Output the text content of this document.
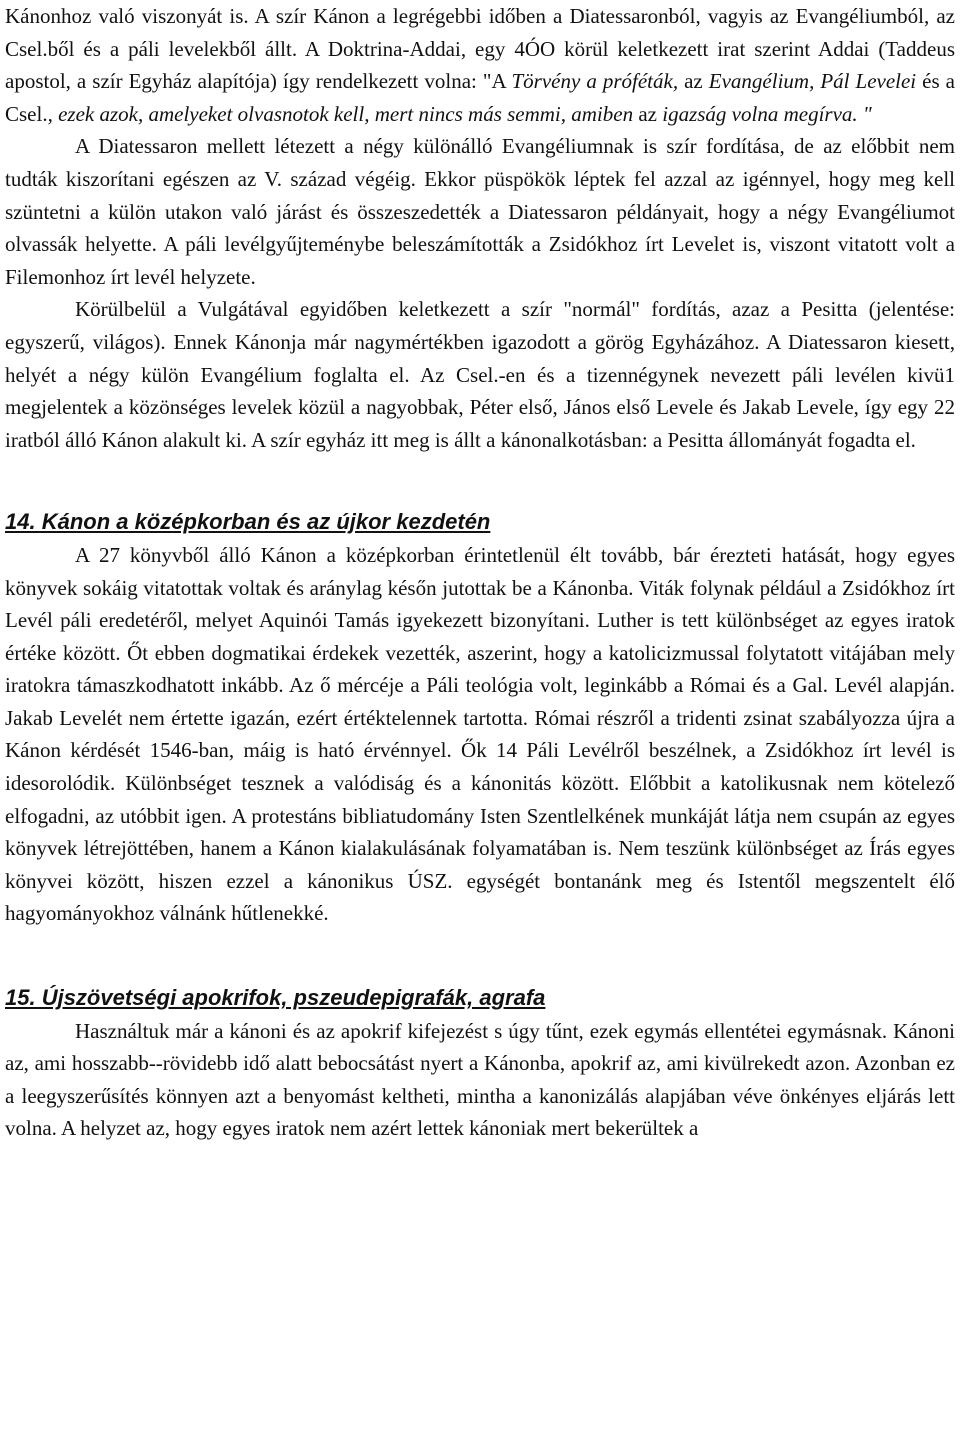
Kánonhoz való viszonyát is. A szír Kánon a legrégebbi időben a Diatessaronból, vagyis az Evangéliumból, az Csel.ből és a páli levelekből állt. A Doktrina-Addai, egy 4ÓO körül keletkezett irat szerint Addai (Taddeus apostol, a szír Egyház alapítója) így rendelkezett volna: "A Törvény a próféták, az Evangélium, Pál Levelei és a Csel., ezek azok, amelyeket olvasnotok kell, mert nincs más semmi, amiben az igazság volna megírva. "

A Diatessaron mellett létezett a négy különálló Evangéliumnak is szír fordítása, de az előbbit nem tudták kiszorítani egészen az V. század végéig. Ekkor püspökök léptek fel azzal az igénnyel, hogy meg kell szüntetni a külön utakon való járást és összeszedették a Diatessaron példányait, hogy a négy Evangéliumot olvassák helyette. A páli levélgyűjteménybe beleszámították a Zsidókhoz írt Levelet is, viszont vitatott volt a Filemonhoz írt levél helyzete.

Körülbelül a Vulgátával egyidőben keletkezett a szír "normál" fordítás, azaz a Pesitta (jelentése: egyszerű, világos). Ennek Kánonja már nagymértékben igazodott a görög Egyházához. A Diatessaron kiesett, helyét a négy külön Evangélium foglalta el. Az Csel.-en és a tizennégynek nevezett páli levélen kivü1 megjelentek a közönséges levelek közül a nagyobbak, Péter első, János első Levele és Jakab Levele, így egy 22 iratból álló Kánon alakult ki. A szír egyház itt meg is állt a kánonalkotásban: a Pesitta állományát fogadta el.

14. Kánon a középkorban és az újkor kezdetén

A 27 könyvből álló Kánon a középkorban érintetlenül élt tovább, bár érezteti hatását, hogy egyes könyvek sokáig vitatottak voltak és aránylag későn jutottak be a Kánonba. Viták folynak például a Zsidókhoz írt Levél páli eredetéről, melyet Aquinói Tamás igyekezett bizonyítani. Luther is tett különbséget az egyes iratok értéke között. Őt ebben dogmatikai érdekek vezették, aszerint, hogy a katolicizmussal folytatott vitájában mely iratokra támaszkodhatott inkább. Az ő mércéje a Páli teológia volt, leginkább a Római és a Gal. Levél alapján. Jakab Levelét nem értette igazán, ezért értéktelennek tartotta. Római részről a tridenti zsinat szabályozza újra a Kánon kérdését 1546-ban, máig is ható érvénnyel. Ők 14 Páli Levélről beszélnek, a Zsidókhoz írt levél is idesorolódik. Különbséget tesznek a valódiság és a kánonitás között. Előbbit a katolikusnak nem kötelező elfogadni, az utóbbit igen. A protestáns bibliatudomány Isten Szentlelkének munkáját látja nem csupán az egyes könyvek létrejöttében, hanem a Kánon kialakulásának folyamatában is. Nem teszünk különbséget az Írás egyes könyvei között, hiszen ezzel a kánonikus ÚSZ. egységét bontanánk meg és Istentől megszentelt élő hagyományokhoz válnánk hűtlenekké.

15. Újszövetségi apokrifok, pszeudepigrafák, agrafa

Használtuk már a kánoni és az apokrif kifejezést s úgy tűnt, ezek egymás ellentétei egymásnak. Kánoni az, ami hosszabb--rövidebb idő alatt bebocsátást nyert a Kánonba, apokrif az, ami kivülrekedt azon. Azonban ez a leegyszerűsítés könnyen azt a benyomást keltheti, mintha a kanonizálás alapjában véve önkényes eljárás lett volna. A helyzet az, hogy egyes iratok nem azért lettek kánoniak mert bekerültek a
